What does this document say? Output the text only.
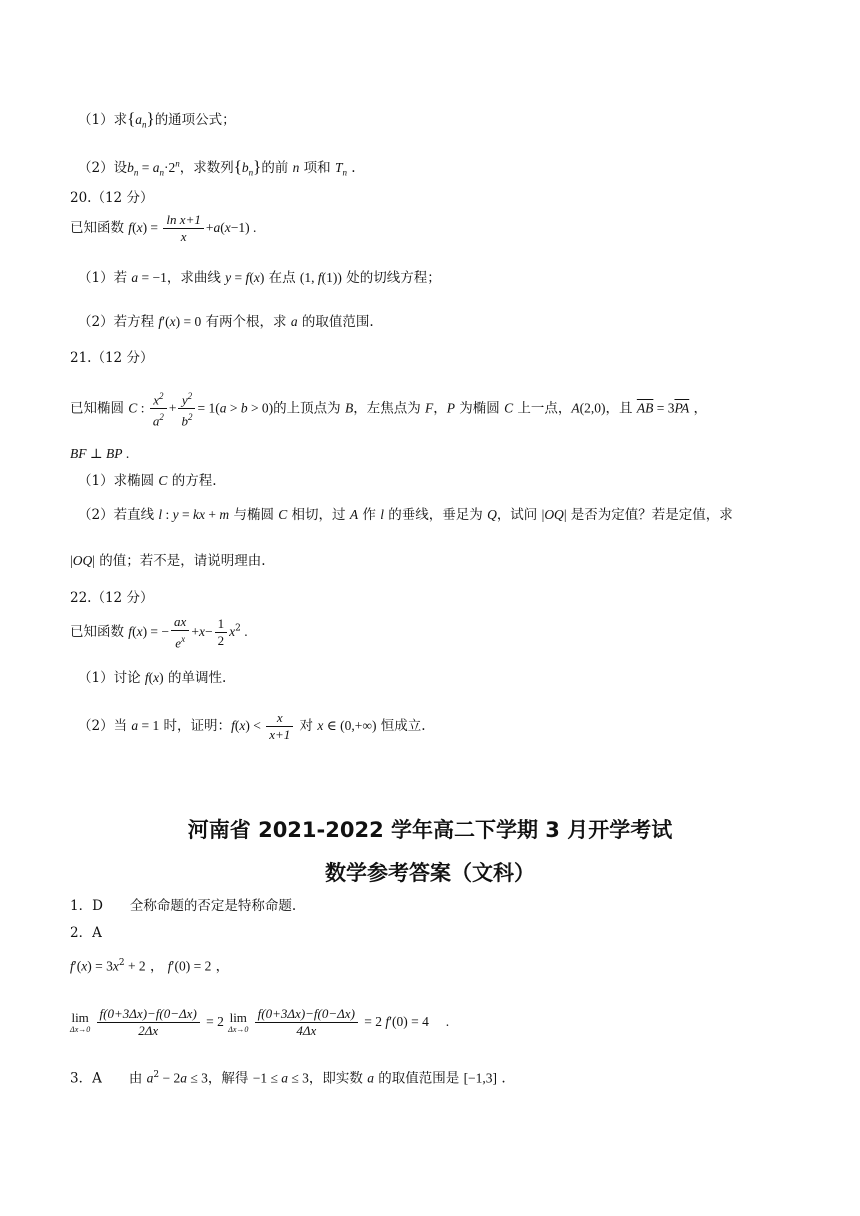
（1）求$\{a_n\}$的通项公式；
（2）设$b_n = a_n\cdot 2^n$，求数列$\{b_n\}$的前 n 项和 $T_n$ .
20.（12 分）
已知函数 $f(x) = \frac{\text{ln x+1}}{x} +a(x-1)$ .
（1）若 a = −1，求曲线 y = f(x) 在点 (1, f(1)) 处的切线方程；
（2）若方程 f′(x) = 0 有两个根，求 a 的取值范围.
21.（12 分）
已知椭圆 C : $\frac{x^2}{a^2} + \frac{y^2}{b^2} = 1(a > b > 0)$的上顶点为 B，左焦点为 F，P 为椭圆 C 上一点，A(2,0)，且 $\overline{AB} = 3\overline{PA}$ ，
BF ⊥ BP .
（1）求椭圆 C 的方程.
（2）若直线 l : y = kx + m 与椭圆 C 相切，过 A 作 l 的垂线，垂足为 Q，试问 |OQ| 是否为定值？若是定值，求
|OQ| 的值；若不是，请说明理由.
22.（12 分）
已知函数 f(x) = − $\frac{ax}{e^x} +x- \frac{1}{2} x^2$ .
（1）讨论 f(x) 的单调性.
（2）当 a = 1 时，证明：$f(x) < \frac{x}{x+1}$ 对 x ∈ (0,+∞) 恒成立.
河南省 2021-2022 学年高二下学期 3 月开学考试
数学参考答案（文科）
1．D　　全称命题的否定是特称命题.
2．A
$f'(x) = 3x^2 + 2$ ， f′(0) = 2 ，
lim
Δx→0
$\frac{f(0+3\Delta x)-f(0-\Delta x)}{2\Delta x} = 2$ lim
Δx→0
$\frac{f(0+3\Delta x)-f(0-\Delta x)}{4\Delta x} = 2$ f′(0) = 4 　.
3．A　　由 $a^2 - 2a \le 3$，解得 −1 ≤ a ≤ 3，即实数 a 的取值范围是 [−1,3] .
